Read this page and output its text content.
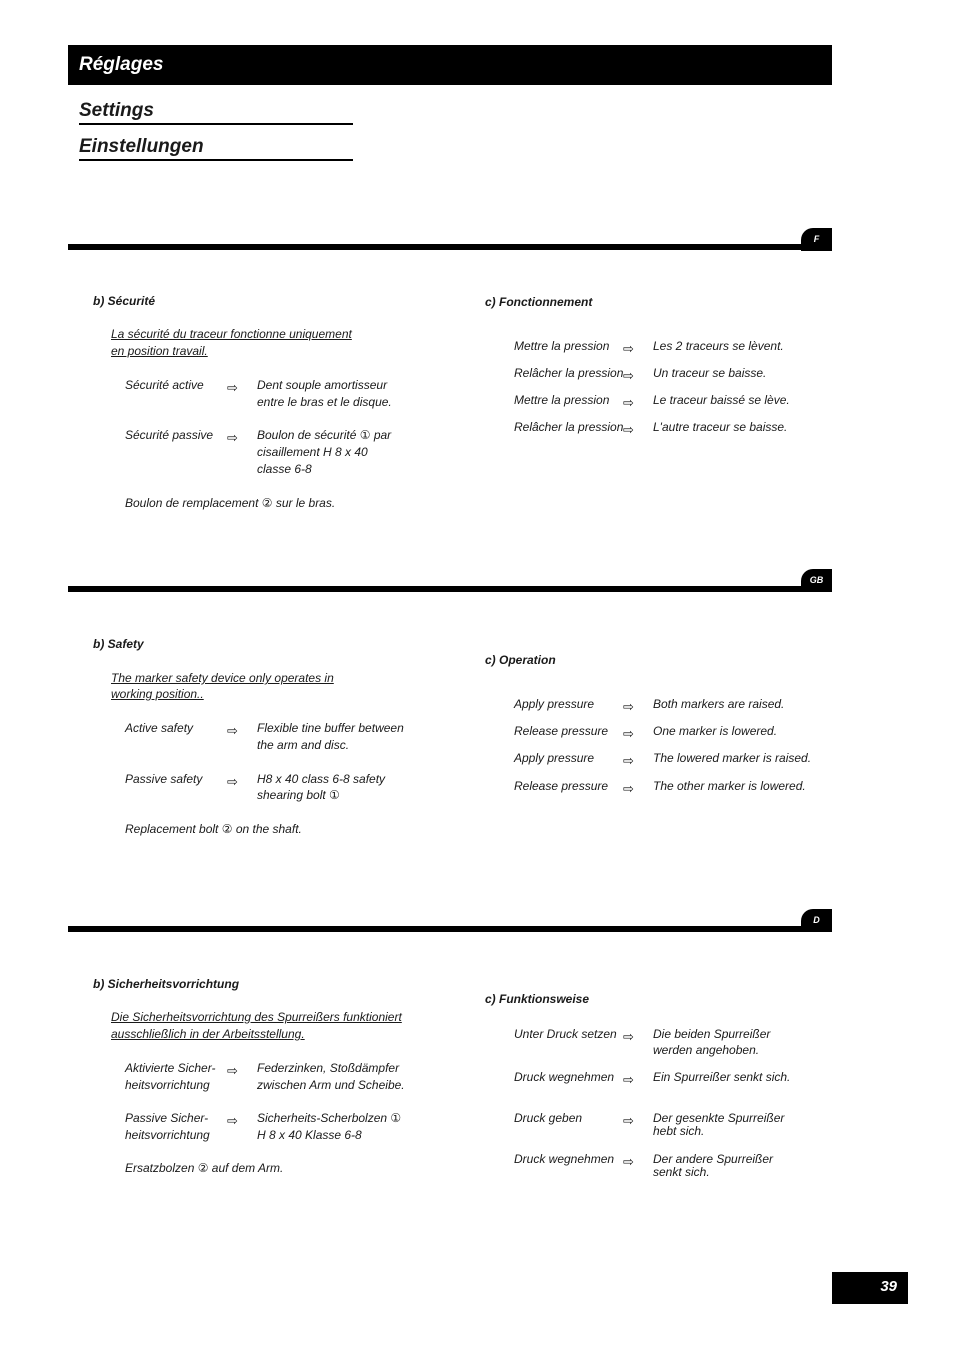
Réglages
Settings
Einstellungen
F
b) Sécurité
La sécurité du traceur fonctionne uniquement
en position travail.
Sécurité active ⇨ Dent souple amortisseur
entre le bras et le disque.
Sécurité passive ⇨ Boulon de sécurité ① par
cisaillement H 8 x 40
classe 6-8
Boulon de remplacement ② sur le bras.
c) Fonctionnement
Mettre la pression ⇨ Les 2 traceurs se lèvent.
Relâcher la pression ⇨ Un traceur se baisse.
Mettre la pression ⇨ Le traceur baissé se lève.
Relâcher la pression ⇨ L'autre traceur se baisse.
GB
b) Safety
The marker safety device only operates in
working position..
Active safety	⇨ Flexible tine buffer between
the arm and disc.
Passive safety ⇨ H8 x 40 class 6-8 safety
shearing bolt ①
Replacement bolt ② on the shaft.
c) Operation
Apply pressure ⇨ Both markers are raised.
Release pressure ⇨ One marker is lowered.
Apply pressure ⇨ The lowered marker is raised.
Release pressure ⇨ The other marker is lowered.
D
b) Sicherheitsvorrichtung
Die Sicherheitsvorrichtung des Spurreißers funktioniert
ausschließlich in der Arbeitsstellung.
Aktivierte Sicher-
heitsvorrichtung
⇨ Federzinken, Stoßdämpfer
zwischen Arm und Scheibe.
Passive Sicher-
heitsvorrichtung
⇨ Sicherheits-Scherbolzen ①
H 8 x 40 Klasse 6-8
Ersatzbolzen ② auf dem Arm.
c) Funktionsweise
Unter Druck setzen ⇨ Die beiden Spurreißer
werden angehoben.
Druck wegnehmen ⇨ Ein Spurreißer senkt sich.
Druck geben	⇨ Der gesenkte Spurreißer
hebt sich.
Druck wegnehmen ⇨ Der andere Spurreißer
senkt sich.
39
